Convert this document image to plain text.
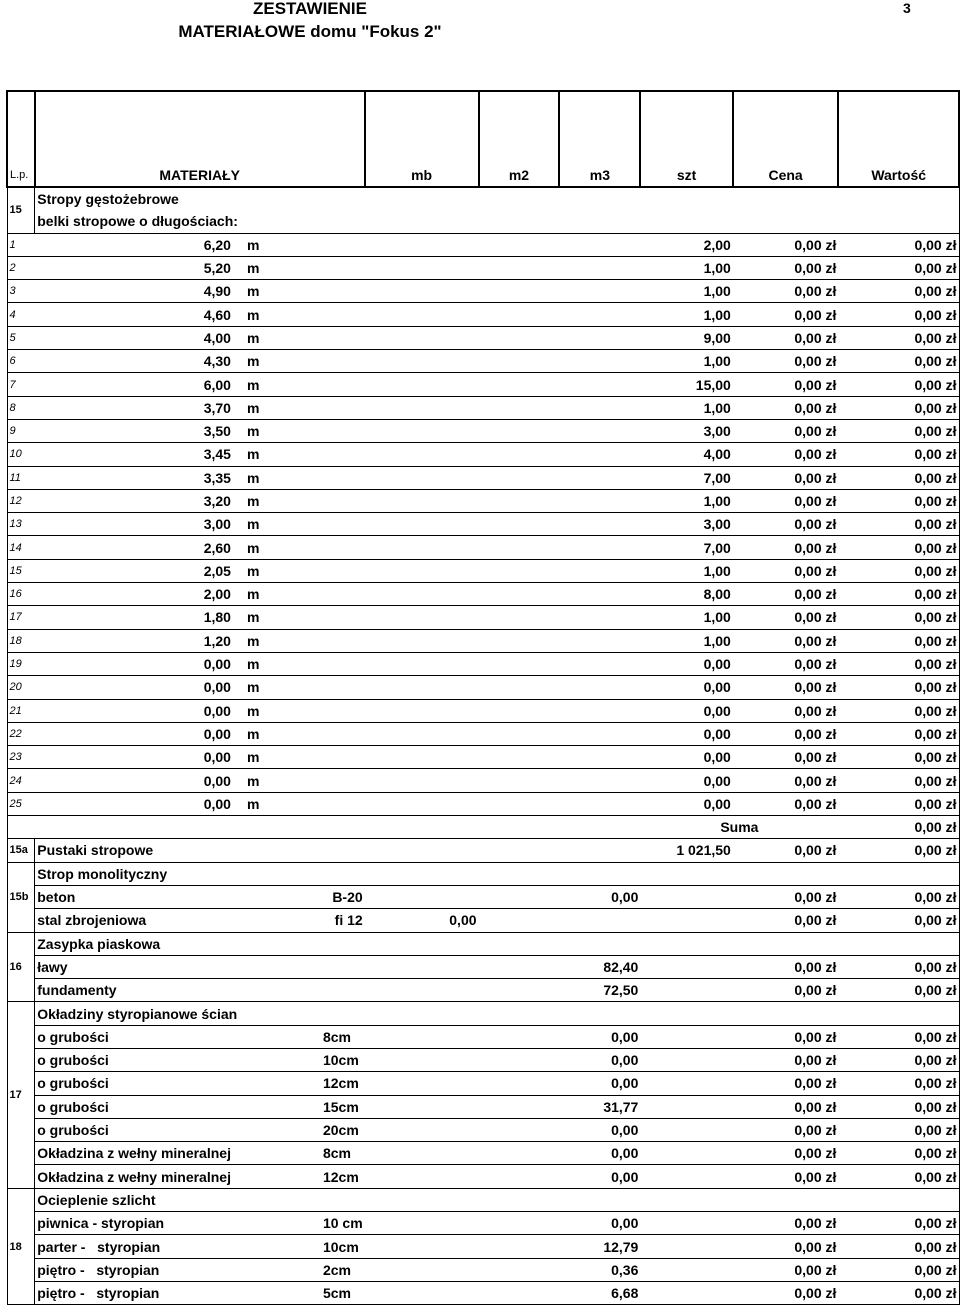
ZESTAWIENIE
MATERIAŁOWE domu "Fokus 2"
3
L.p.	MATERIAŁY		mb	m2	m3	szt	Cena	Wartość
15	Stropy gęstożebrowe							
	belki stropowe o długościach:							
1	6,20	m				2,00	0,00 zł	0,00 zł
2	5,20	m				1,00	0,00 zł	0,00 zł
3	4,90	m				1,00	0,00 zł	0,00 zł
4	4,60	m				1,00	0,00 zł	0,00 zł
5	4,00	m				9,00	0,00 zł	0,00 zł
6	4,30	m				1,00	0,00 zł	0,00 zł
7	6,00	m				15,00	0,00 zł	0,00 zł
8	3,70	m				1,00	0,00 zł	0,00 zł
9	3,50	m				3,00	0,00 zł	0,00 zł
10	3,45	m				4,00	0,00 zł	0,00 zł
11	3,35	m				7,00	0,00 zł	0,00 zł
12	3,20	m				1,00	0,00 zł	0,00 zł
13	3,00	m				3,00	0,00 zł	0,00 zł
14	2,60	m				7,00	0,00 zł	0,00 zł
15	2,05	m				1,00	0,00 zł	0,00 zł
16	2,00	m				8,00	0,00 zł	0,00 zł
17	1,80	m				1,00	0,00 zł	0,00 zł
18	1,20	m				1,00	0,00 zł	0,00 zł
19	0,00	m				0,00	0,00 zł	0,00 zł
20	0,00	m				0,00	0,00 zł	0,00 zł
21	0,00	m				0,00	0,00 zł	0,00 zł
22	0,00	m				0,00	0,00 zł	0,00 zł
23	0,00	m				0,00	0,00 zł	0,00 zł
24	0,00	m				0,00	0,00 zł	0,00 zł
25	0,00	m				0,00	0,00 zł	0,00 zł
						Suma		0,00 zł
15a	Pustaki stropowe					1 021,50	0,00 zł	0,00 zł
15b	Strop monolityczny							
	beton	B-20		0,00			0,00 zł	0,00 zł
	stal zbrojeniowa	fi 12	0,00				0,00 zł	0,00 zł
16	Zasypka piaskowa							
	ławy			82,40			0,00 zł	0,00 zł
	fundamenty			72,50			0,00 zł	0,00 zł
17	Okładziny styropianowe ścian							
	o grubości	8cm		0,00			0,00 zł	0,00 zł
	o grubości	10cm		0,00			0,00 zł	0,00 zł
	o grubości	12cm		0,00			0,00 zł	0,00 zł
	o grubości	15cm		31,77			0,00 zł	0,00 zł
	o grubości	20cm		0,00			0,00 zł	0,00 zł
	Okładzina z wełny mineralnej	8cm		0,00			0,00 zł	0,00 zł
	Okładzina z wełny mineralnej	12cm		0,00			0,00 zł	0,00 zł
18	Ocieplenie szlicht							
	piwnica - styropian	10 cm		0,00			0,00 zł	0,00 zł
	parter -   styropian	10cm		12,79			0,00 zł	0,00 zł
	piętro -   styropian	2cm		0,36			0,00 zł	0,00 zł
	piętro -   styropian	5cm		6,68			0,00 zł	0,00 zł
